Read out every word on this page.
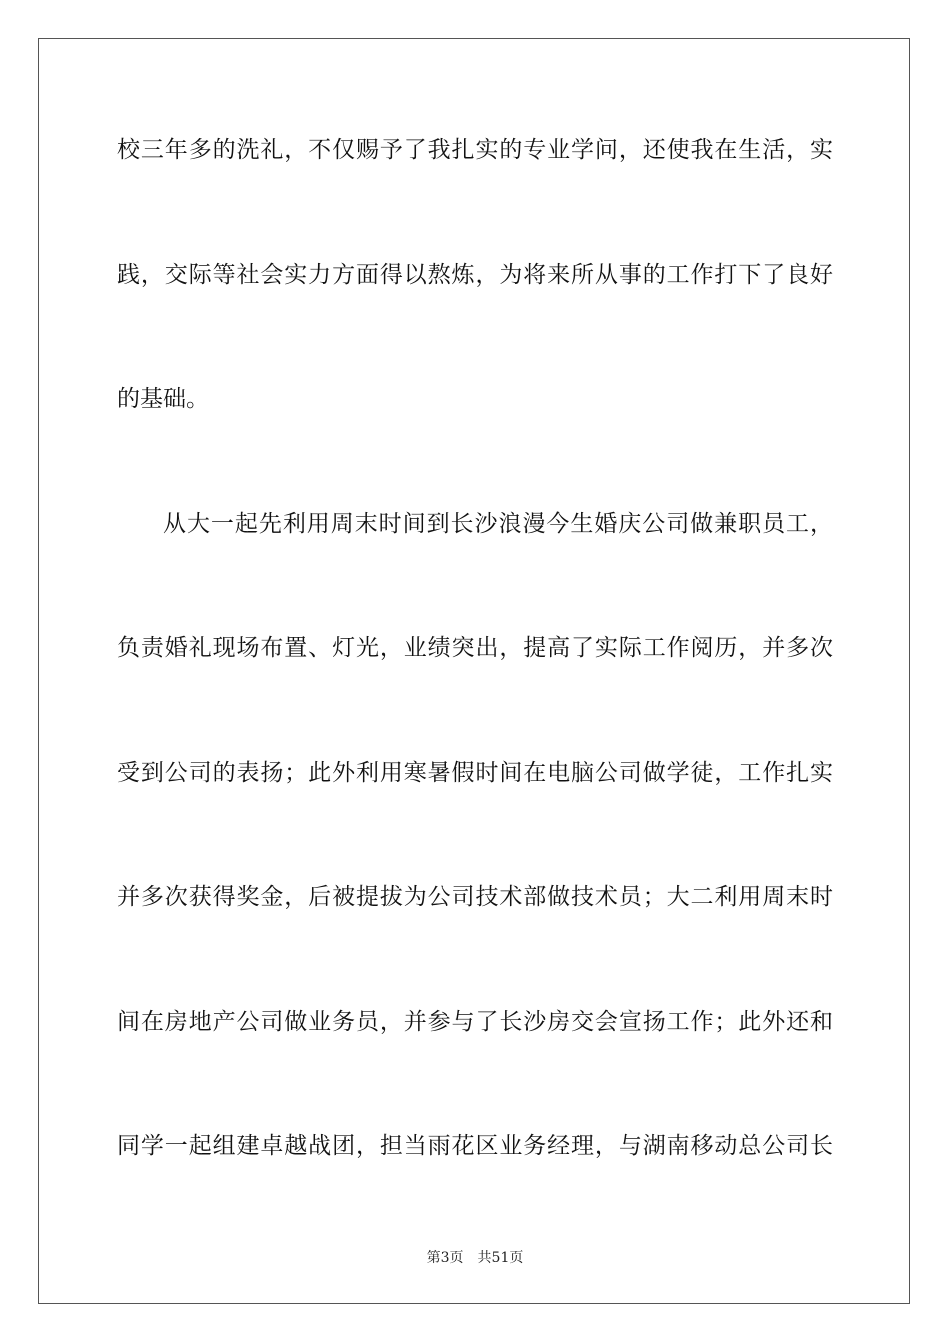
校三年多的洗礼，不仅赐予了我扎实的专业学问，还使我在生活，实
践，交际等社会实力方面得以熬炼，为将来所从事的工作打下了良好
的基础。
从大一起先利用周末时间到长沙浪漫今生婚庆公司做兼职员工，
负责婚礼现场布置、灯光，业绩突出，提高了实际工作阅历，并多次
受到公司的表扬；此外利用寒暑假时间在电脑公司做学徒，工作扎实
并多次获得奖金，后被提拔为公司技术部做技术员；大二利用周末时
间在房地产公司做业务员，并参与了长沙房交会宣扬工作；此外还和
同学一起组建卓越战团，担当雨花区业务经理，与湖南移动总公司长
第3页　共51页
